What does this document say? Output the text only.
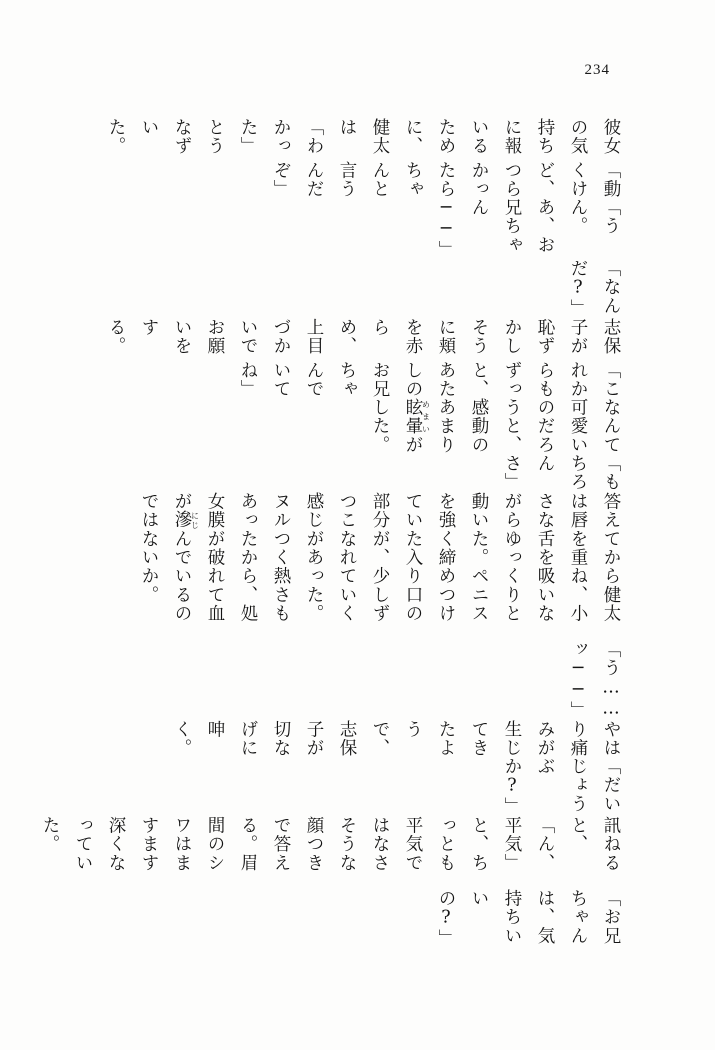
234

彼女の気持ちに報いるために、健太は「わかった」とうなずいた。

「動くけど、つらかったらちゃんと言うんだぞ」

「うん。あ、お兄ちゃん──」

「なんだ?」

志保子が恥ずかしそうに頬を赤らめ、上目づかいでお願いをする。

「これからもずっと、あたしのお兄ちゃんでいてね」

なんて可愛いのだろうと、感動のあまり眩暈めまいがした。

「もちろんさ」

答えてから健太は唇を重ね、小さな舌を吸いながらゆっくりと動いた。ペニスを強く締めつけていた入り口の部分が、少しずつこなれていく感じがあった。ヌルつく熱さもあったから、処女膜が破れて血が滲にじんでいるのではないか。

「う……ッ──」

やはり痛みが生じてきたようで、志保子が切なげに呻く。

「だいじょうぶか?」

訊ねると、「ん、平気」と、ちっとも平気ではなさそうな顔つきで答える。眉間のシワはますます深くなっていた。

「お兄ちゃんは、気持ちいいの?」
